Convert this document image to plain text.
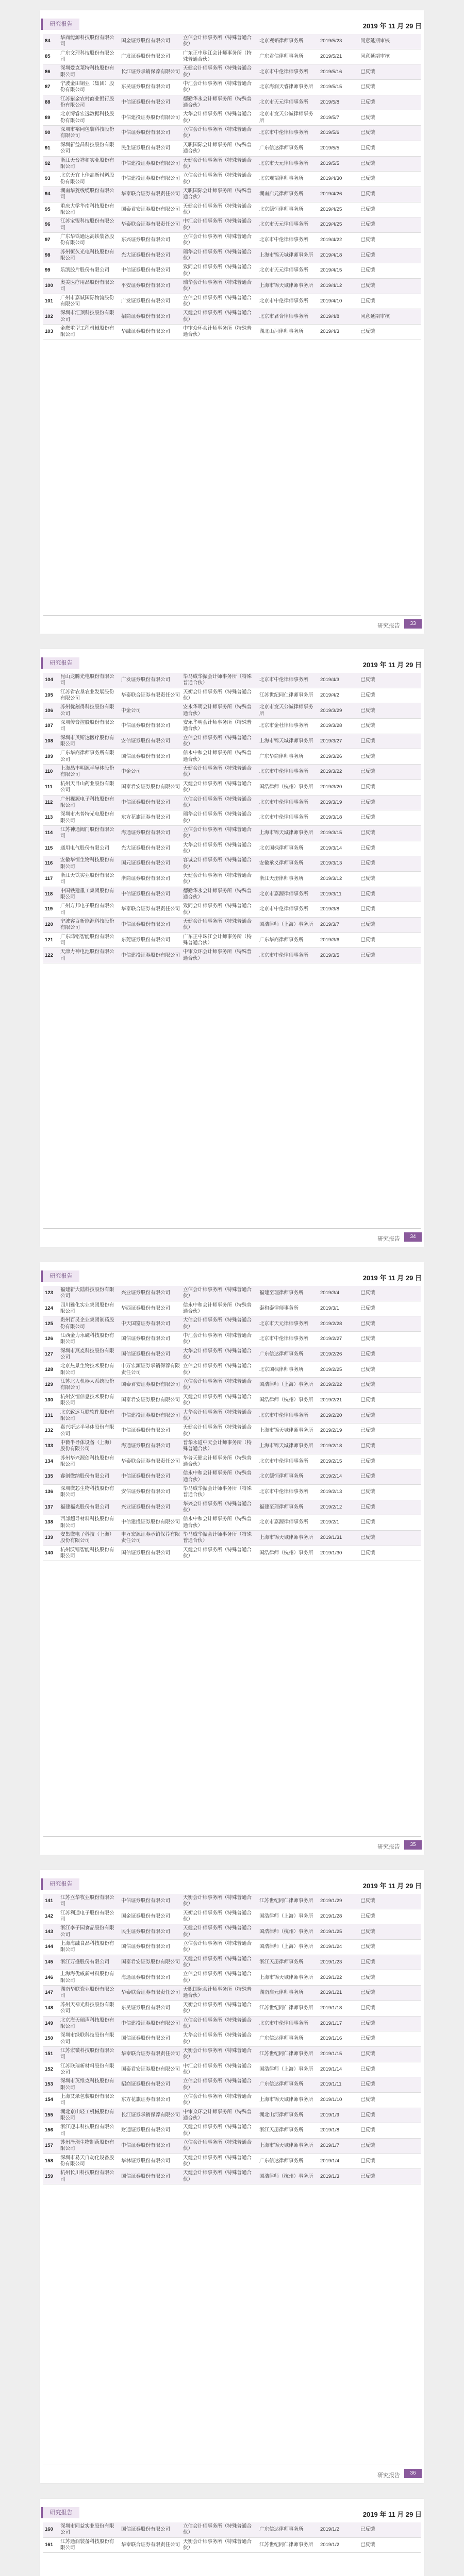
研究报告	2019 年 11 月 29 日
84	华商能源科技股份有限公司	国金证券股份有限公司	立信会计师事务所（特殊普通合伙）	北京观韬律师事务所	2019/5/23	同意延期审核
85	广东文理科技股份有限公司	广发证券股份有限公司	广东正中珠江会计师事务所（特殊普通合伙）	广东君信律师事务所	2019/5/21	同意延期审核
86	深圳爱克莱特科技股份有限公司	长江证券承销保荐有限公司	天健会计师事务所（特殊普通合伙）	北京市中伦律师事务所	2019/5/16	已反馈
87	宁波金田铜业（集团）股份有限公司	东吴证券股份有限公司	中汇会计师事务所（特殊普通合伙）	北京海润天睿律师事务所	2019/5/15	已反馈
88	江苏紫金农村商业银行股份有限公司	中信证券股份有限公司	德勤华永会计师事务所（特殊普通合伙）	北京市天元律师事务所	2019/5/8	已反馈
89	北京博睿宏远数据科技股份有限公司	中信建投证券股份有限公司	大华会计师事务所（特殊普通合伙）	北京市竞天公诚律师事务所	2019/5/7	已反馈
90	深圳市裕同包装科技股份有限公司	中信证券股份有限公司	立信会计师事务所（特殊普通合伙）	北京市中伦律师事务所	2019/5/6	已反馈
91	深圳新益昌科技股份有限公司	民生证券股份有限公司	天职国际会计师事务所（特殊普通合伙）	广东信达律师事务所	2019/5/5	已反馈
92	浙江天台祥和实业股份有限公司	中信建投证券股份有限公司	天健会计师事务所（特殊普通合伙）	北京市天元律师事务所	2019/5/5	已反馈
93	北京天宜上佳高新材料股份有限公司	中信建投证券股份有限公司	立信会计师事务所（特殊普通合伙）	北京观韬律师事务所	2019/4/30	已反馈
94	湖南华菱线缆股份有限公司	华泰联合证券有限责任公司	天职国际会计师事务所（特殊普通合伙）	湖南启元律师事务所	2019/4/26	已反馈
95	重庆大学华南科技股份有限公司	国泰君安证券股份有限公司	天健会计师事务所（特殊普通合伙）	北京德恒律师事务所	2019/4/25	已反馈
96	江苏宝盟科技股份有限公司	华泰联合证券有限责任公司	中汇会计师事务所（特殊普通合伙）	北京市天元律师事务所	2019/4/25	已反馈
97	广东华铁通达高铁装备股份有限公司	东兴证券股份有限公司	立信会计师事务所（特殊普通合伙）	北京市中伦律师事务所	2019/4/22	已反馈
98	苏州恒久光电科技股份有限公司	光大证券股份有限公司	瑞华会计师事务所（特殊普通合伙）	上海市锦天城律师事务所	2019/4/18	已反馈
99	乐凯胶片股份有限公司	中信证券股份有限公司	致同会计师事务所（特殊普通合伙）	北京市天元律师事务所	2019/4/15	已反馈
100	奥美医疗用品股份有限公司	平安证券股份有限公司	瑞华会计师事务所（特殊普通合伙）	上海市锦天城律师事务所	2019/4/12	已反馈
101	广州市嘉诚国际物流股份有限公司	广发证券股份有限公司	立信会计师事务所（特殊普通合伙）	北京市中伦律师事务所	2019/4/10	已反馈
102	深圳市汇顶科技股份有限公司	招商证券股份有限公司	天健会计师事务所（特殊普通合伙）	北京市君合律师事务所	2019/4/8	同意延期审核
103	金鹰重型工程机械股份有限公司	华融证券股份有限公司	中审众环会计师事务所（特殊普通合伙）	湖北山河律师事务所	2019/4/3	已反馈
研究报告	33
研究报告	2019 年 11 月 29 日
104	昆山龙腾光电股份有限公司	广发证券股份有限公司	毕马威华振会计师事务所（特殊普通合伙）	北京市中伦律师事务所	2019/4/3	已反馈
105	江苏省农垦农业发展股份有限公司	华泰联合证券有限责任公司	天衡会计师事务所（特殊普通合伙）	江苏世纪同仁律师事务所	2019/4/2	已反馈
106	苏州优刻得科技股份有限公司	中金公司	安永华明会计师事务所（特殊普通合伙）	北京市竞天公诚律师事务所	2019/3/29	已反馈
107	深圳传音控股股份有限公司	中信证券股份有限公司	安永华明会计师事务所（特殊普通合伙）	北京市金杜律师事务所	2019/3/28	已反馈
108	深圳市贝斯达医疗股份有限公司	安信证券股份有限公司	立信会计师事务所（特殊普通合伙）	上海市锦天城律师事务所	2019/3/27	已反馈
109	广东华商律师事务所有限公司	国信证券股份有限公司	信永中和会计师事务所（特殊普通合伙）	广东华商律师事务所	2019/3/26	已反馈
110	上海晶丰明源半导体股份有限公司	中金公司	天健会计师事务所（特殊普通合伙）	北京市中伦律师事务所	2019/3/22	已反馈
111	杭州天目山药业股份有限公司	国泰君安证券股份有限公司	天健会计师事务所（特殊普通合伙）	国浩律师（杭州）事务所	2019/3/20	已反馈
112	广州视源电子科技股份有限公司	中信证券股份有限公司	立信会计师事务所（特殊普通合伙）	北京市中伦律师事务所	2019/3/19	已反馈
113	深圳市杰普特光电股份有限公司	东方花旗证券有限公司	瑞华会计师事务所（特殊普通合伙）	北京市中伦律师事务所	2019/3/18	已反馈
114	江苏神通阀门股份有限公司	海通证券股份有限公司	立信会计师事务所（特殊普通合伙）	上海市锦天城律师事务所	2019/3/15	已反馈
115	通用电气股份有限公司	光大证券股份有限公司	大华会计师事务所（特殊普通合伙）	北京国枫律师事务所	2019/3/14	已反馈
116	安徽华恒生物科技股份有限公司	国元证券股份有限公司	容诚会计师事务所（特殊普通合伙）	安徽承义律师事务所	2019/3/13	已反馈
117	浙江天铁实业股份有限公司	浙商证券股份有限公司	天健会计师事务所（特殊普通合伙）	浙江天册律师事务所	2019/3/12	已反馈
118	中国铁建重工集团股份有限公司	中信证券股份有限公司	德勤华永会计师事务所（特殊普通合伙）	北京市嘉源律师事务所	2019/3/11	已反馈
119	广州方邦电子股份有限公司	华泰联合证券有限责任公司	致同会计师事务所（特殊普通合伙）	北京市中伦律师事务所	2019/3/8	已反馈
120	宁波容百新能源科技股份有限公司	中信证券股份有限公司	天健会计师事务所（特殊普通合伙）	国浩律师（上海）事务所	2019/3/7	已反馈
121	广东鸿铭智能股份有限公司	东莞证券股份有限公司	广东正中珠江会计师事务所（特殊普通合伙）	广东华商律师事务所	2019/3/6	已反馈
122	天津力神电池股份有限公司	中信建投证券股份有限公司	中审众环会计师事务所（特殊普通合伙）	北京市中伦律师事务所	2019/3/5	已反馈
研究报告	34
研究报告	2019 年 11 月 29 日
123	福建新大陆科技股份有限公司	兴业证券股份有限公司	立信会计师事务所（特殊普通合伙）	福建至理律师事务所	2019/3/4	已反馈
124	四川雅化实业集团股份有限公司	华西证券股份有限公司	信永中和会计师事务所（特殊普通合伙）	泰和泰律师事务所	2019/3/1	已反馈
125	贵州百灵企业集团制药股份有限公司	中天国富证券有限公司	大信会计师事务所（特殊普通合伙）	北京市天元律师事务所	2019/2/28	已反馈
126	江西金力永磁科技股份有限公司	国信证券股份有限公司	中汇会计师事务所（特殊普通合伙）	北京市中伦律师事务所	2019/2/27	已反馈
127	深圳市燕麦科技股份有限公司	国信证券股份有限公司	大华会计师事务所（特殊普通合伙）	广东信达律师事务所	2019/2/26	已反馈
128	北京热景生物技术股份有限公司	申万宏源证券承销保荐有限责任公司	立信会计师事务所（特殊普通合伙）	北京国枫律师事务所	2019/2/25	已反馈
129	江苏北人机器人系统股份有限公司	国泰君安证券股份有限公司	立信会计师事务所（特殊普通合伙）	国浩律师（上海）事务所	2019/2/22	已反馈
130	杭州安恒信息技术股份有限公司	国泰君安证券股份有限公司	天健会计师事务所（特殊普通合伙）	国浩律师（杭州）事务所	2019/2/21	已反馈
131	北京致远互联软件股份有限公司	中信建投证券股份有限公司	大华会计师事务所（特殊普通合伙）	北京市中伦律师事务所	2019/2/20	已反馈
132	嘉兴斯达半导体股份有限公司	中信证券股份有限公司	天健会计师事务所（特殊普通合伙）	上海市锦天城律师事务所	2019/2/19	已反馈
133	中微半导体设备（上海）股份有限公司	海通证券股份有限公司	普华永道中天会计师事务所（特殊普通合伙）	上海市锦天城律师事务所	2019/2/18	已反馈
134	苏州华兴源创科技股份有限公司	华泰联合证券有限责任公司	华普天健会计师事务所（特殊普通合伙）	北京市中伦律师事务所	2019/2/15	已反馈
135	睿创微纳股份有限公司	中信证券股份有限公司	信永中和会计师事务所（特殊普通合伙）	北京德恒律师事务所	2019/2/14	已反馈
136	深圳微芯生物科技股份有限公司	安信证券股份有限公司	毕马威华振会计师事务所（特殊普通合伙）	北京市中伦律师事务所	2019/2/13	已反馈
137	福建福光股份有限公司	兴业证券股份有限公司	华兴会计师事务所（特殊普通合伙）	福建至理律师事务所	2019/2/12	已反馈
138	西部超导材料科技股份有限公司	中信建投证券股份有限公司	信永中和会计师事务所（特殊普通合伙）	北京市嘉源律师事务所	2019/2/1	已反馈
139	安集微电子科技（上海）股份有限公司	申万宏源证券承销保荐有限责任公司	毕马威华振会计师事务所（特殊普通合伙）	上海市锦天城律师事务所	2019/1/31	已反馈
140	杭州沃镭智能科技股份有限公司	国信证券股份有限公司	天健会计师事务所（特殊普通合伙）	国浩律师（杭州）事务所	2019/1/30	已反馈
研究报告	35
研究报告	2019 年 11 月 29 日
141	江苏立华牧业股份有限公司	中信证券股份有限公司	天衡会计师事务所（特殊普通合伙）	江苏世纪同仁律师事务所	2019/1/29	已反馈
142	江苏利通电子股份有限公司	国金证券股份有限公司	天衡会计师事务所（特殊普通合伙）	国浩律师（上海）事务所	2019/1/28	已反馈
143	浙江李子园食品股份有限公司	民生证券股份有限公司	天健会计师事务所（特殊普通合伙）	国浩律师（杭州）事务所	2019/1/25	已反馈
144	上海海融食品科技股份有限公司	国信证券股份有限公司	立信会计师事务所（特殊普通合伙）	国浩律师（上海）事务所	2019/1/24	已反馈
145	浙江万盛股份有限公司	国泰君安证券股份有限公司	天健会计师事务所（特殊普通合伙）	浙江天册律师事务所	2019/1/23	已反馈
146	上海海优威新材料股份有限公司	海通证券股份有限公司	立信会计师事务所（特殊普通合伙）	上海市锦天城律师事务所	2019/1/22	已反馈
147	湖南华联瓷业股份有限公司	华泰联合证券有限责任公司	天职国际会计师事务所（特殊普通合伙）	湖南启元律师事务所	2019/1/21	已反馈
148	苏州天禄光科技股份有限公司	东吴证券股份有限公司	天衡会计师事务所（特殊普通合伙）	江苏世纪同仁律师事务所	2019/1/18	已反馈
149	北京海天瑞声科技股份有限公司	中信建投证券股份有限公司	立信会计师事务所（特殊普通合伙）	北京市中伦律师事务所	2019/1/17	已反馈
150	深圳市绿联科技股份有限公司	国信证券股份有限公司	大华会计师事务所（特殊普通合伙）	广东信达律师事务所	2019/1/16	已反馈
151	江苏宏微科技股份有限公司	华泰联合证券有限责任公司	天衡会计师事务所（特殊普通合伙）	江苏世纪同仁律师事务所	2019/1/15	已反馈
152	江苏联瑞新材料股份有限公司	国泰君安证券股份有限公司	中汇会计师事务所（特殊普通合伙）	国浩律师（上海）事务所	2019/1/14	已反馈
153	深圳市英维克科技股份有限公司	招商证券股份有限公司	立信会计师事务所（特殊普通合伙）	广东信达律师事务所	2019/1/11	已反馈
154	上海艾录包装股份有限公司	东方花旗证券有限公司	立信会计师事务所（特殊普通合伙）	上海市锦天城律师事务所	2019/1/10	已反馈
155	湖北京山轻工机械股份有限公司	长江证券承销保荐有限公司	中审众环会计师事务所（特殊普通合伙）	湖北山河律师事务所	2019/1/9	已反馈
156	浙江迎丰科技股份有限公司	财通证券股份有限公司	天健会计师事务所（特殊普通合伙）	浙江天册律师事务所	2019/1/8	已反馈
157	苏州泽璟生物制药股份有限公司	中信证券股份有限公司	立信会计师事务所（特殊普通合伙）	上海市锦天城律师事务所	2019/1/7	已反馈
158	深圳市易天自动化设备股份有限公司	华林证券股份有限公司	天健会计师事务所（特殊普通合伙）	广东信达律师事务所	2019/1/4	已反馈
159	杭州长川科技股份有限公司	国信证券股份有限公司	天健会计师事务所（特殊普通合伙）	国浩律师（杭州）事务所	2019/1/3	已反馈
研究报告	36
研究报告	2019 年 11 月 29 日
160	深圳市同益实业股份有限公司	国信证券股份有限公司	立信会计师事务所（特殊普通合伙）	广东信达律师事务所	2019/1/2	已反馈
161	江苏通润装备科技股份有限公司	华泰联合证券有限责任公司	天衡会计师事务所（特殊普通合伙）	江苏世纪同仁律师事务所	2019/1/2	已反馈
